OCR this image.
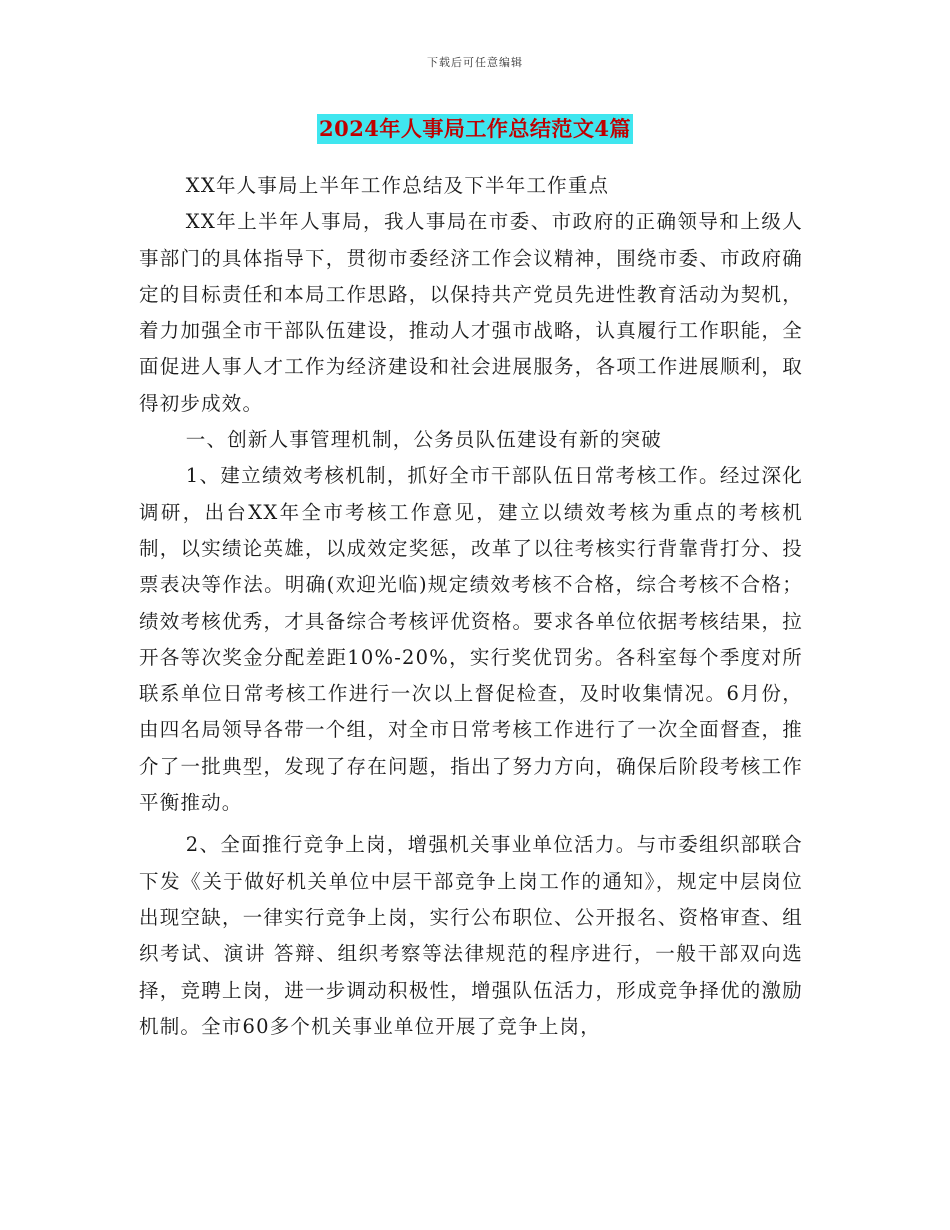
下载后可任意编辑
2024年人事局工作总结范文4篇

XX年人事局上半年工作总结及下半年工作重点

XX年上半年人事局，我人事局在市委、市政府的正确领导和上级人事部门的具体指导下，贯彻市委经济工作会议精神，围绕市委、市政府确定的目标责任和本局工作思路，以保持共产党员先进性教育活动为契机，着力加强全市干部队伍建设，推动人才强市战略，认真履行工作职能，全面促进人事人才工作为经济建设和社会进展服务，各项工作进展顺利，取得初步成效。

一、创新人事管理机制，公务员队伍建设有新的突破

1、建立绩效考核机制，抓好全市干部队伍日常考核工作。经过深化调研，出台XX年全市考核工作意见，建立以绩效考核为重点的考核机制，以实绩论英雄，以成效定奖惩，改革了以往考核实行背靠背打分、投票表决等作法。明确(欢迎光临)规定绩效考核不合格，综合考核不合格；绩效考核优秀，才具备综合考核评优资格。要求各单位依据考核结果，拉开各等次奖金分配差距10%-20%，实行奖优罚劣。各科室每个季度对所联系单位日常考核工作进行一次以上督促检查，及时收集情况。6月份，由四名局领导各带一个组，对全市日常考核工作进行了一次全面督查，推介了一批典型，发现了存在问题，指出了努力方向，确保后阶段考核工作平衡推动。

2、全面推行竞争上岗，增强机关事业单位活力。与市委组织部联合下发《关于做好机关单位中层干部竞争上岗工作的通知》，规定中层岗位出现空缺，一律实行竞争上岗，实行公布职位、公开报名、资格审查、组织考试、演讲 答辩、组织考察等法律规范的程序进行，一般干部双向选择，竞聘上岗，进一步调动积极性，增强队伍活力，形成竞争择优的激励机制。全市60多个机关事业单位开展了竞争上岗，
